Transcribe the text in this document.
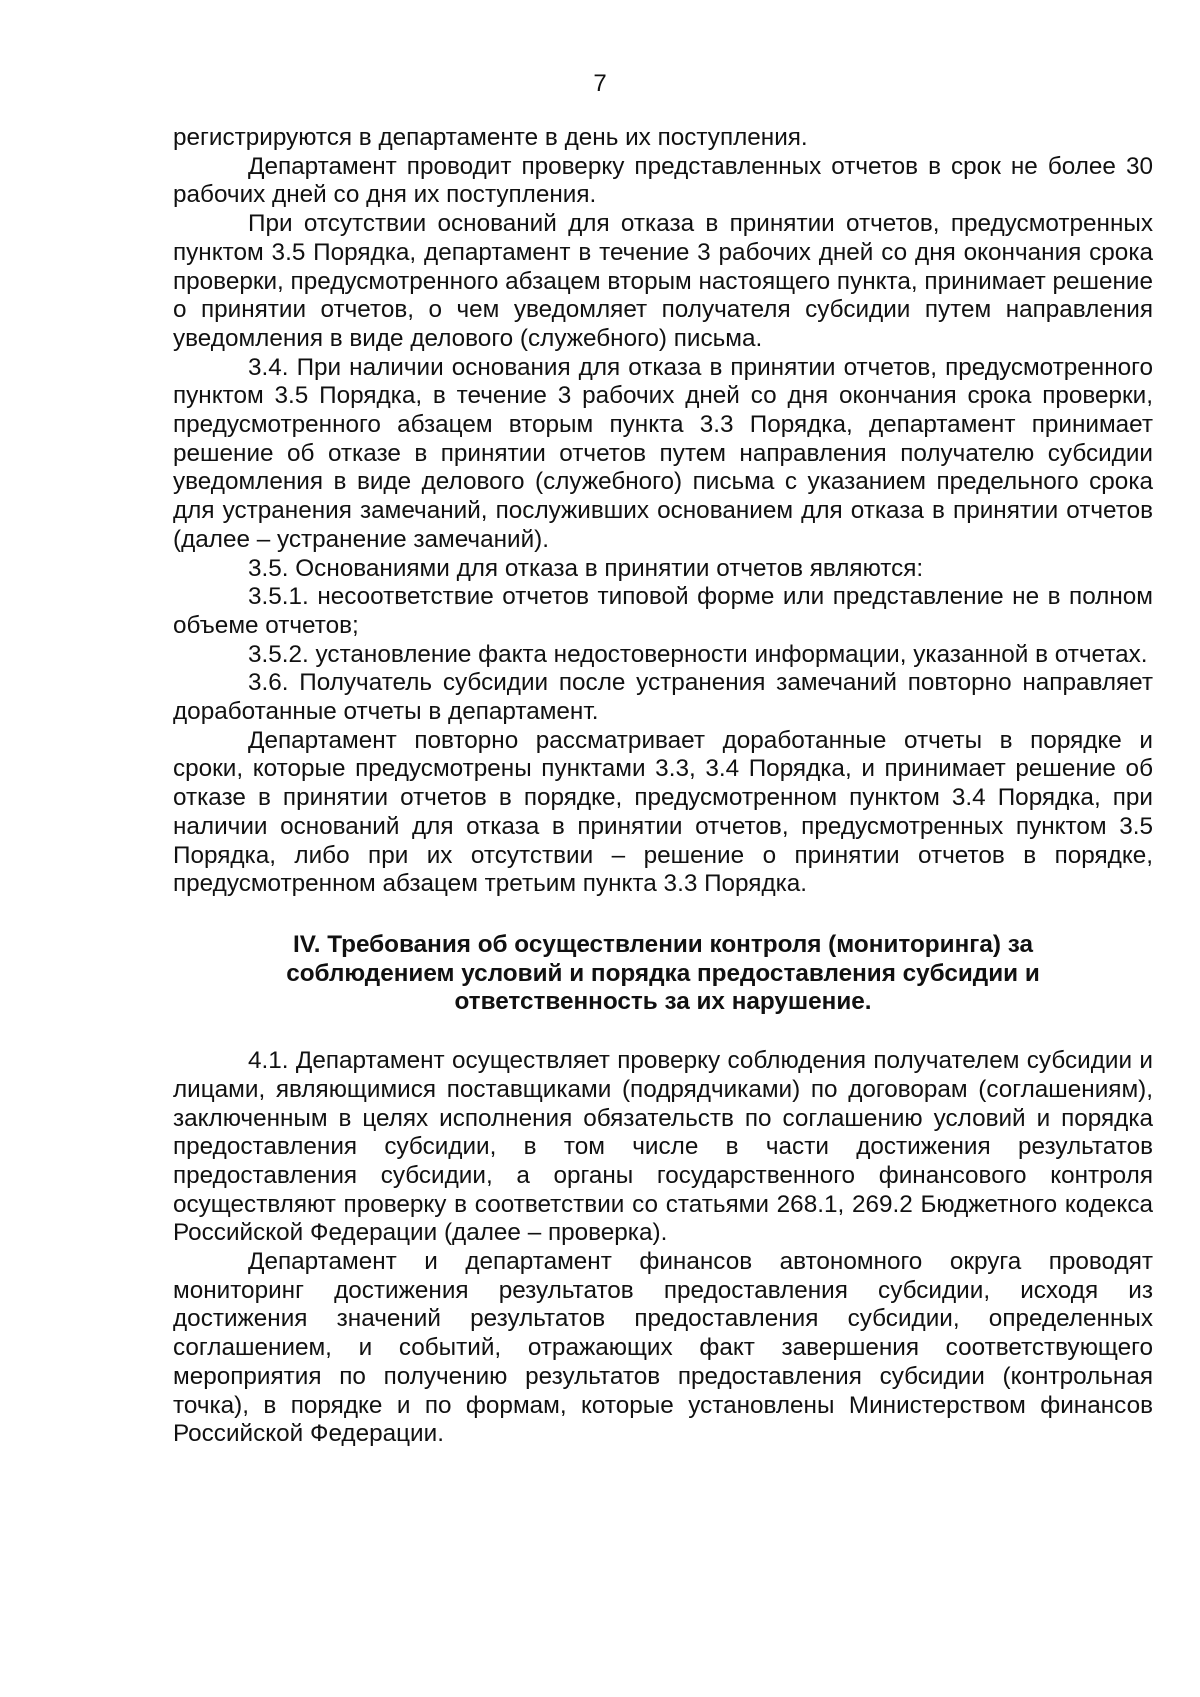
7

регистрируются в департаменте в день их поступления.

Департамент проводит проверку представленных отчетов в срок не более 30 рабочих дней со дня их поступления.

При отсутствии оснований для отказа в принятии отчетов, предусмотренных пунктом 3.5 Порядка, департамент в течение 3 рабочих дней со дня окончания срока проверки, предусмотренного абзацем вторым настоящего пункта, принимает решение о принятии отчетов, о чем уведомляет получателя субсидии путем направления уведомления в виде делового (служебного) письма.

3.4. При наличии основания для отказа в принятии отчетов, предусмотренного пунктом 3.5 Порядка, в течение 3 рабочих дней со дня окончания срока проверки, предусмотренного абзацем вторым пункта 3.3 Порядка, департамент принимает решение об отказе в принятии отчетов путем направления получателю субсидии уведомления в виде делового (служебного) письма с указанием предельного срока для устранения замечаний, послуживших основанием для отказа в принятии отчетов (далее – устранение замечаний).

3.5. Основаниями для отказа в принятии отчетов являются:

3.5.1. несоответствие отчетов типовой форме или представление не в полном объеме отчетов;

3.5.2. установление факта недостоверности информации, указанной в отчетах.

3.6. Получатель субсидии после устранения замечаний повторно направляет доработанные отчеты в департамент.

Департамент повторно рассматривает доработанные отчеты в порядке и сроки, которые предусмотрены пунктами 3.3, 3.4 Порядка, и принимает решение об отказе в принятии отчетов в порядке, предусмотренном пунктом 3.4 Порядка, при наличии оснований для отказа в принятии отчетов, предусмотренных пунктом 3.5 Порядка, либо при их отсутствии – решение о принятии отчетов в порядке, предусмотренном абзацем третьим пункта 3.3 Порядка.

IV. Требования об осуществлении контроля (мониторинга) за соблюдением условий и порядка предоставления субсидии и ответственность за их нарушение.

4.1. Департамент осуществляет проверку соблюдения получателем субсидии и лицами, являющимися поставщиками (подрядчиками) по договорам (соглашениям), заключенным в целях исполнения обязательств по соглашению условий и порядка предоставления субсидии, в том числе в части достижения результатов предоставления субсидии, а органы государственного финансового контроля осуществляют проверку в соответствии со статьями 268.1, 269.2 Бюджетного кодекса Российской Федерации (далее – проверка).

Департамент и департамент финансов автономного округа проводят мониторинг достижения результатов предоставления субсидии, исходя из достижения значений результатов предоставления субсидии, определенных соглашением, и событий, отражающих факт завершения соответствующего мероприятия по получению результатов предоставления субсидии (контрольная точка), в порядке и по формам, которые установлены Министерством финансов Российской Федерации.
